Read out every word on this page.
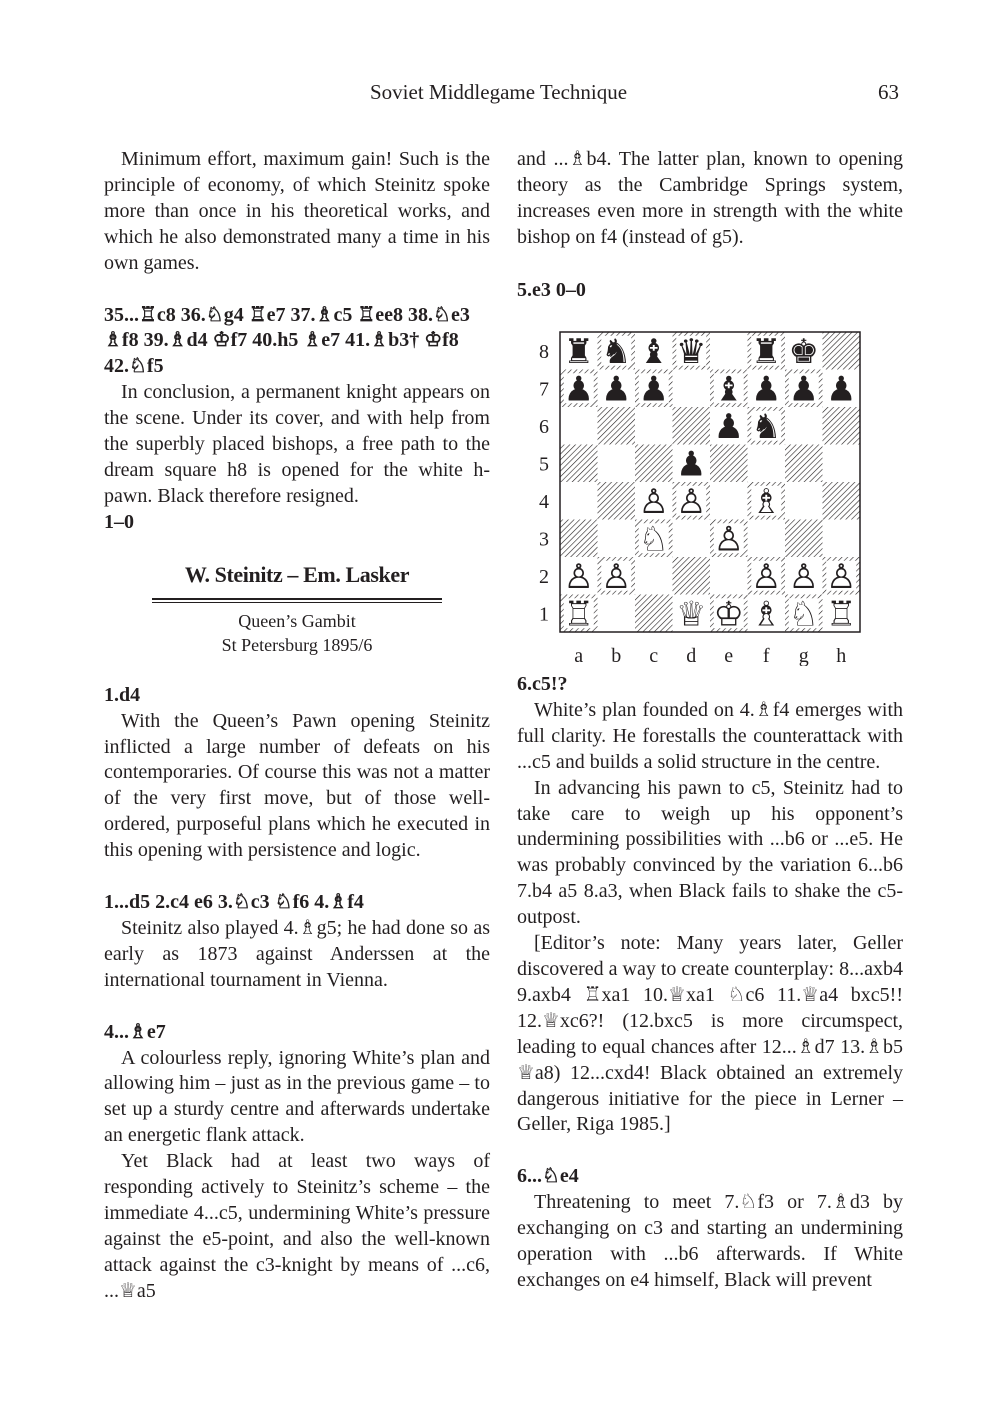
Soviet Middlegame Technique	63

Minimum effort, maximum gain! Such is the principle of economy, of which Steinitz spoke more than once in his theoretical works, and which he also demonstrated many a time in his own games.

35...♖c8 36.♘g4 ♖e7 37.♗c5 ♖ee8 38.♘e3 ♗f8 39.♗d4 ♔f7 40.h5 ♗e7 41.♗b3† ♔f8 42.♘f5

In conclusion, a permanent knight appears on the scene. Under its cover, and with help from the superbly placed bishops, a free path to the dream square h8 is opened for the white h-pawn. Black therefore resigned.

1–0
W. Steinitz – Em. Lasker
Queen’s Gambit
St Petersburg 1895/6
1.d4

With the Queen’s Pawn opening Steinitz inflicted a large number of defeats on his contemporaries. Of course this was not a matter of the very first move, but of those well-ordered, purposeful plans which he executed in this opening with persistence and logic.

1...d5 2.c4 e6 3.♘c3 ♘f6 4.♗f4

Steinitz also played 4.♗g5; he had done so as early as 1873 against Anderssen at the international tournament in Vienna.

4...♗e7

A colourless reply, ignoring White’s plan and allowing him – just as in the previous game – to set up a sturdy centre and afterwards undertake an energetic flank attack.

Yet Black had at least two ways of responding actively to Steinitz’s scheme – the immediate 4...c5, undermining White’s pressure against the e5-point, and also the well-known attack against the c3-knight by means of ...c6, ...♕a5

and ...♗b4. The latter plan, known to opening theory as the Cambridge Springs system, increases even more in strength with the white bishop on f4 (instead of g5).

5.e3 0–0
8
7
6
5
4
3
2
1
a b c d e f g h
♜ ♞ ♝ ♛ ♜ ♚
♟ ♟ ♟ ♝ ♟ ♟ ♟
♟ ♞
♟
♙ ♙ ♗
♘ ♙
♙ ♙	♙ ♙ ♙
♖ ♕ ♔ ♗ ♘ ♖
6.c5!?

White’s plan founded on 4.♗f4 emerges with full clarity. He forestalls the counterattack with ...c5 and builds a solid structure in the centre.

In advancing his pawn to c5, Steinitz had to take care to weigh up his opponent’s undermining possibilities with ...b6 or ...e5. He was probably convinced by the variation 6...b6 7.b4 a5 8.a3, when Black fails to shake the c5-outpost.

[Editor’s note: Many years later, Geller discovered a way to create counterplay: 8...axb4 9.axb4 ♖xa1 10.♕xa1 ♘c6 11.♕a4 bxc5!! 12.♕xc6?! (12.bxc5 is more circumspect, leading to equal chances after 12...♗d7 13.♗b5 ♕a8) 12...cxd4! Black obtained an extremely dangerous initiative for the piece in Lerner – Geller, Riga 1985.]

6...♘e4

Threatening to meet 7.♘f3 or 7.♗d3 by exchanging on c3 and starting an undermining operation with ...b6 afterwards. If White exchanges on e4 himself, Black will prevent
